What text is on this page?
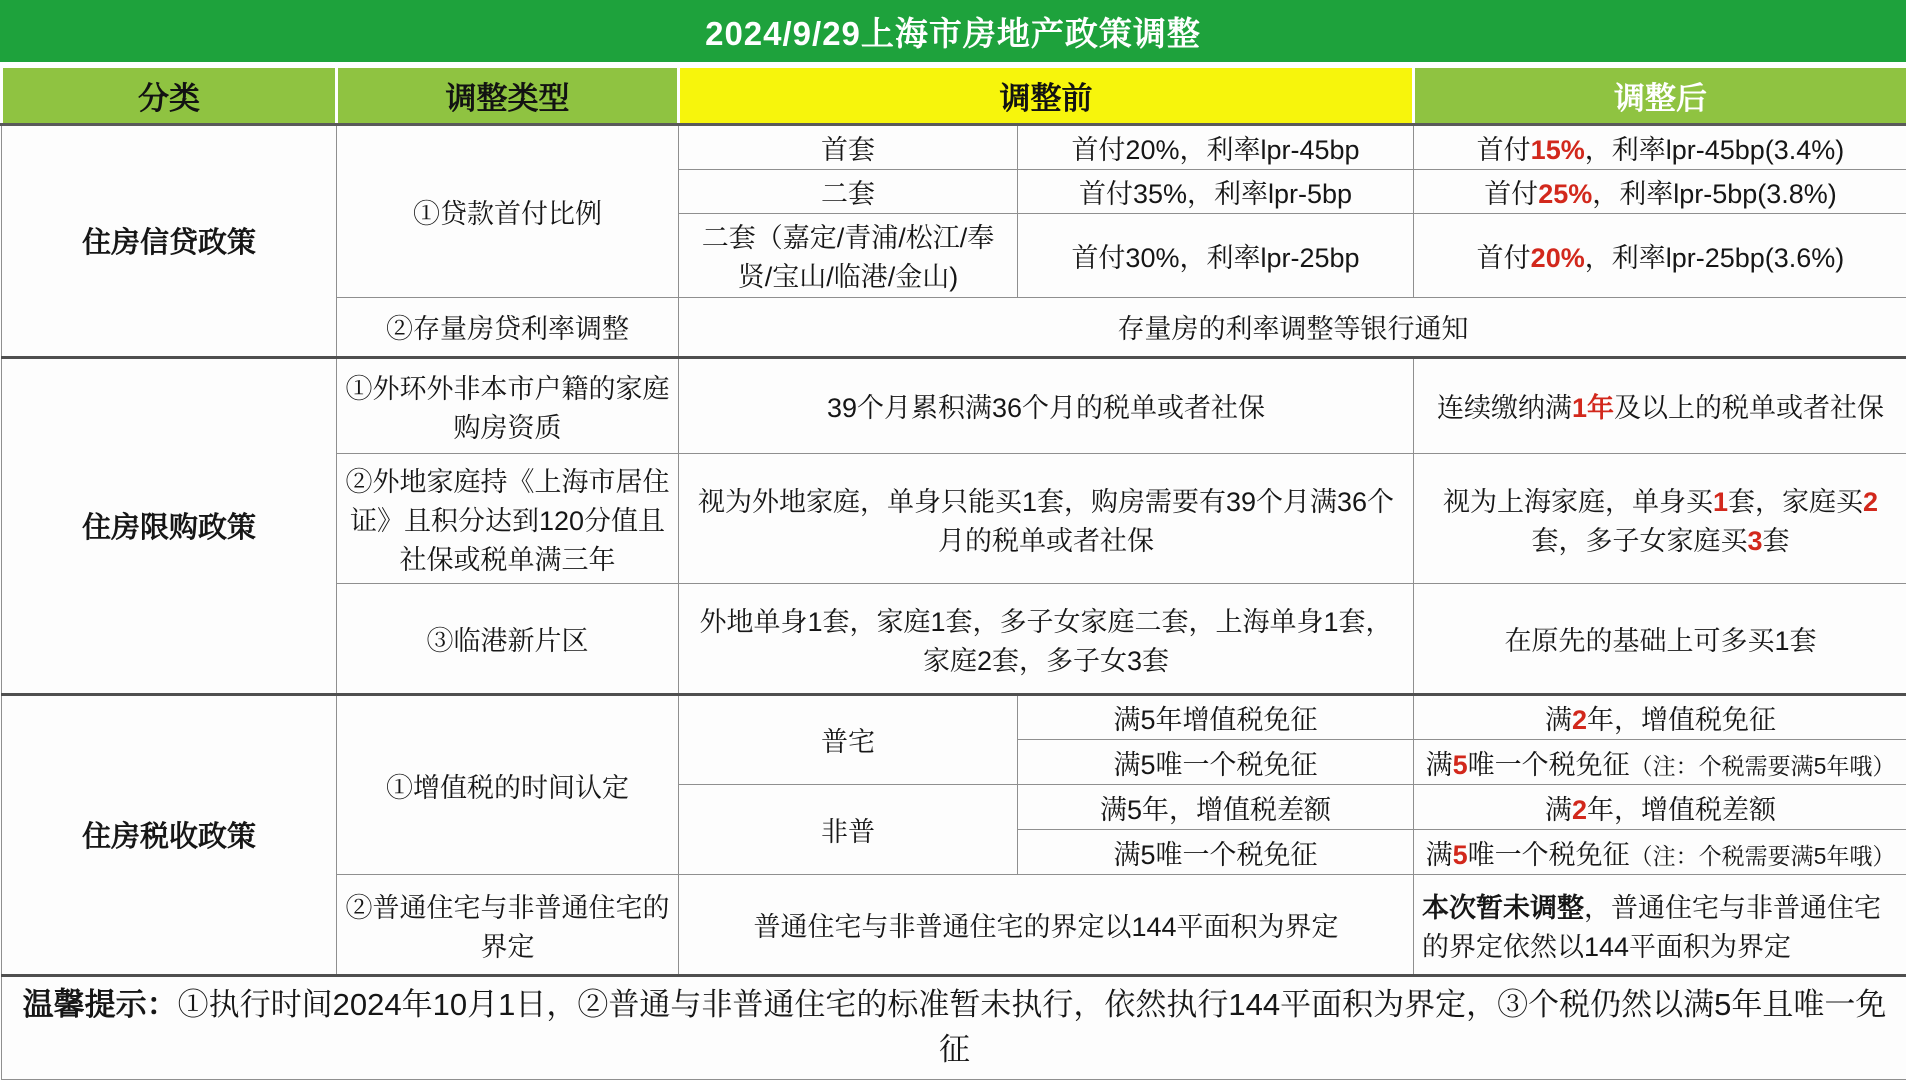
2024/9/29上海市房地产政策调整
分类	调整类型	调整前		调整后
住房信贷政策	①贷款首付比例	首套	首付20%，利率lpr-45bp	首付15%，利率lpr-45bp(3.4%)
		二套	首付35%，利率lpr-5bp	首付25%，利率lpr-5bp(3.8%)
		二套（嘉定/青浦/松江/奉贤/宝山/临港/金山)	首付30%，利率lpr-25bp	首付20%，利率lpr-25bp(3.6%)
	②存量房贷利率调整	存量房的利率调整等银行通知		
住房限购政策	①外环外非本市户籍的家庭购房资质	39个月累积满36个月的税单或者社保		连续缴纳满1年及以上的税单或者社保
	②外地家庭持《上海市居住证》且积分达到120分值且社保或税单满三年	视为外地家庭，单身只能买1套，购房需要有39个月满36个月的税单或者社保		视为上海家庭，单身买1套，家庭买2套，多子女家庭买3套
	③临港新片区	外地单身1套，家庭1套，多子女家庭二套，上海单身1套，家庭2套，多子女3套		在原先的基础上可多买1套
住房税收政策	①增值税的时间认定	普宅	满5年增值税免征	满2年，增值税免征
			满5唯一个税免征	满5唯一个税免征（注：个税需要满5年哦）
		非普	满5年，增值税差额	满2年，增值税差额
			满5唯一个税免征	满5唯一个税免征（注：个税需要满5年哦）
	②普通住宅与非普通住宅的界定	普通住宅与非普通住宅的界定以144平面积为界定		本次暂未调整，普通住宅与非普通住宅的界定依然以144平面积为界定
温馨提示：①执行时间2024年10月1日，②普通与非普通住宅的标准暂未执行，依然执行144平面积为界定，③个税仍然以满5年且唯一免征				
